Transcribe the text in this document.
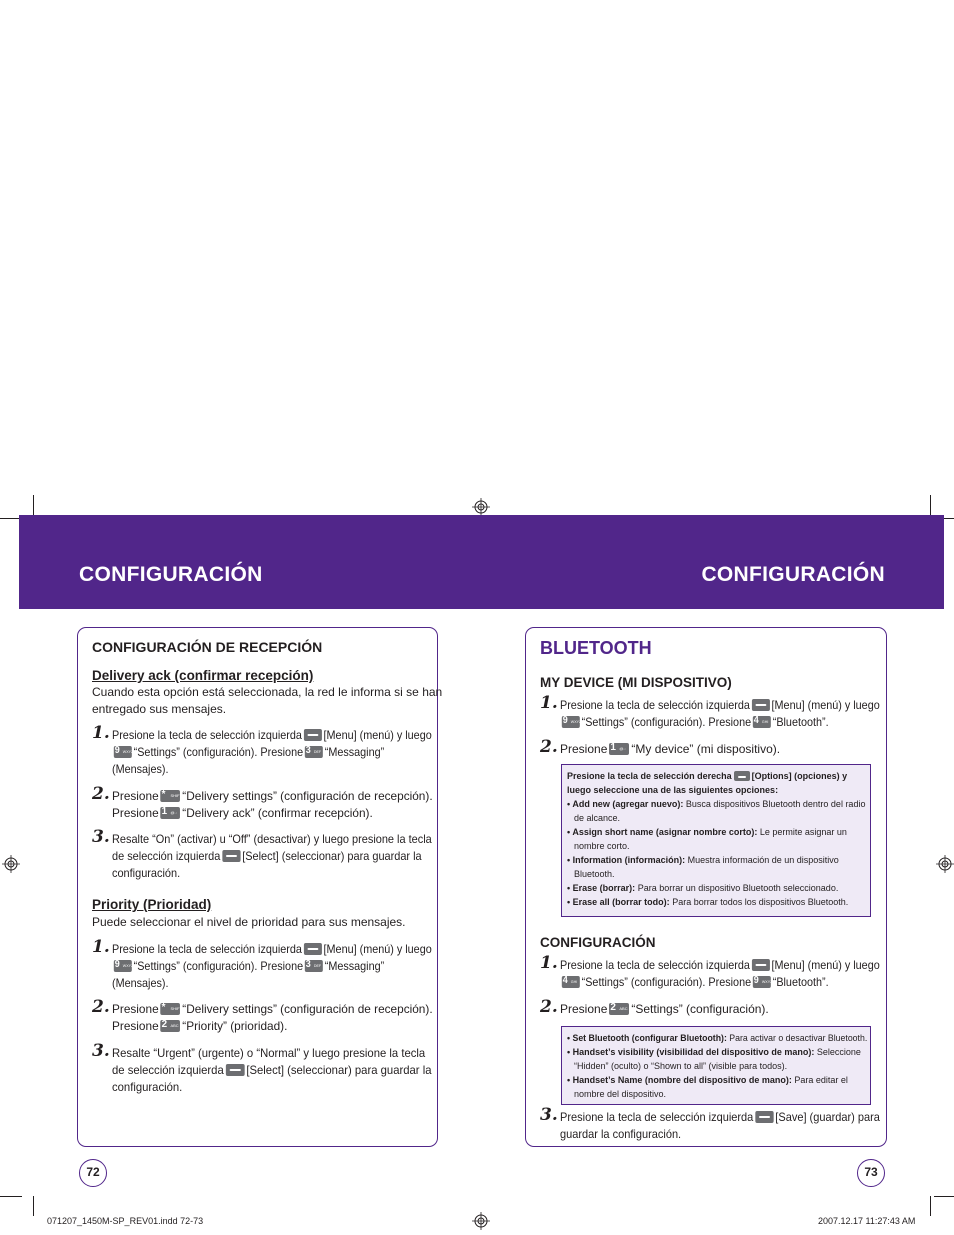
CONFIGURACIÓN	CONFIGURACIÓN
CONFIGURACIÓN DE RECEPCIÓN
Delivery ack (confirmar recepción)
Cuando esta opción está seleccionada, la red le informa si se han
entregado sus mensajes.
1. Presione la tecla de selección izquierda [Menu] (menú) y luego
9 WXYZ “Settings” (configuración). Presione 3 DEF “Messaging”
(Mensajes).
2. Presione * SHIFT “Delivery settings” (configuración de recepción).
Presione 1 @.: “Delivery ack” (confirmar recepción).
3. Resalte “On” (activar) u “Off” (desactivar) y luego presione la tecla
de selección izquierda [Select] (seleccionar) para guardar la
configuración.
Priority (Prioridad)
Puede seleccionar el nivel de prioridad para sus mensajes.
1. Presione la tecla de selección izquierda [Menu] (menú) y luego
9 WXYZ “Settings” (configuración). Presione 3 DEF “Messaging”
(Mensajes).
2. Presione * SHIFT “Delivery settings” (configuración de recepción).
Presione 2 ABC “Priority” (prioridad).
3. Resalte “Urgent” (urgente) o “Normal” y luego presione la tecla
de selección izquierda [Select] (seleccionar) para guardar la
configuración.
72
BLUETOOTH
MY DEVICE (MI DISPOSITIVO)
1. Presione la tecla de selección izquierda [Menu] (menú) y luego
9 WXYZ “Settings” (configuración). Presione 4 GHI “Bluetooth”.
2. Presione 1 @.: “My device” (mi dispositivo).
Presione la tecla de selección derecha [Options] (opciones) y
luego seleccione una de las siguientes opciones:
• Add new (agregar nuevo): Busca dispositivos Bluetooth dentro del radio
de alcance.
• Assign short name (asignar nombre corto): Le permite asignar un
nombre corto.
• Information (información): Muestra información de un dispositivo
Bluetooth.
• Erase (borrar): Para borrar un dispositivo Bluetooth seleccionado.
• Erase all (borrar todo): Para borrar todos los dispositivos Bluetooth.
CONFIGURACIÓN
1. Presione la tecla de selección izquierda [Menu] (menú) y luego
4 GHI “Settings” (configuración). Presione 9 WXYZ “Bluetooth”.
2. Presione 2 ABC “Settings” (configuración).
• Set Bluetooth (configurar Bluetooth): Para activar o desactivar Bluetooth.
• Handset’s visibility (visibilidad del dispositivo de mano): Seleccione
“Hidden” (oculto) o “Shown to all” (visible para todos).
• Handset’s Name (nombre del dispositivo de mano): Para editar el
nombre del dispositivo.
3. Presione la tecla de selección izquierda [Save] (guardar) para
guardar la configuración.
73
071207_1450M-SP_REV01.indd 72-73	2007.12.17 11:27:43 AM
